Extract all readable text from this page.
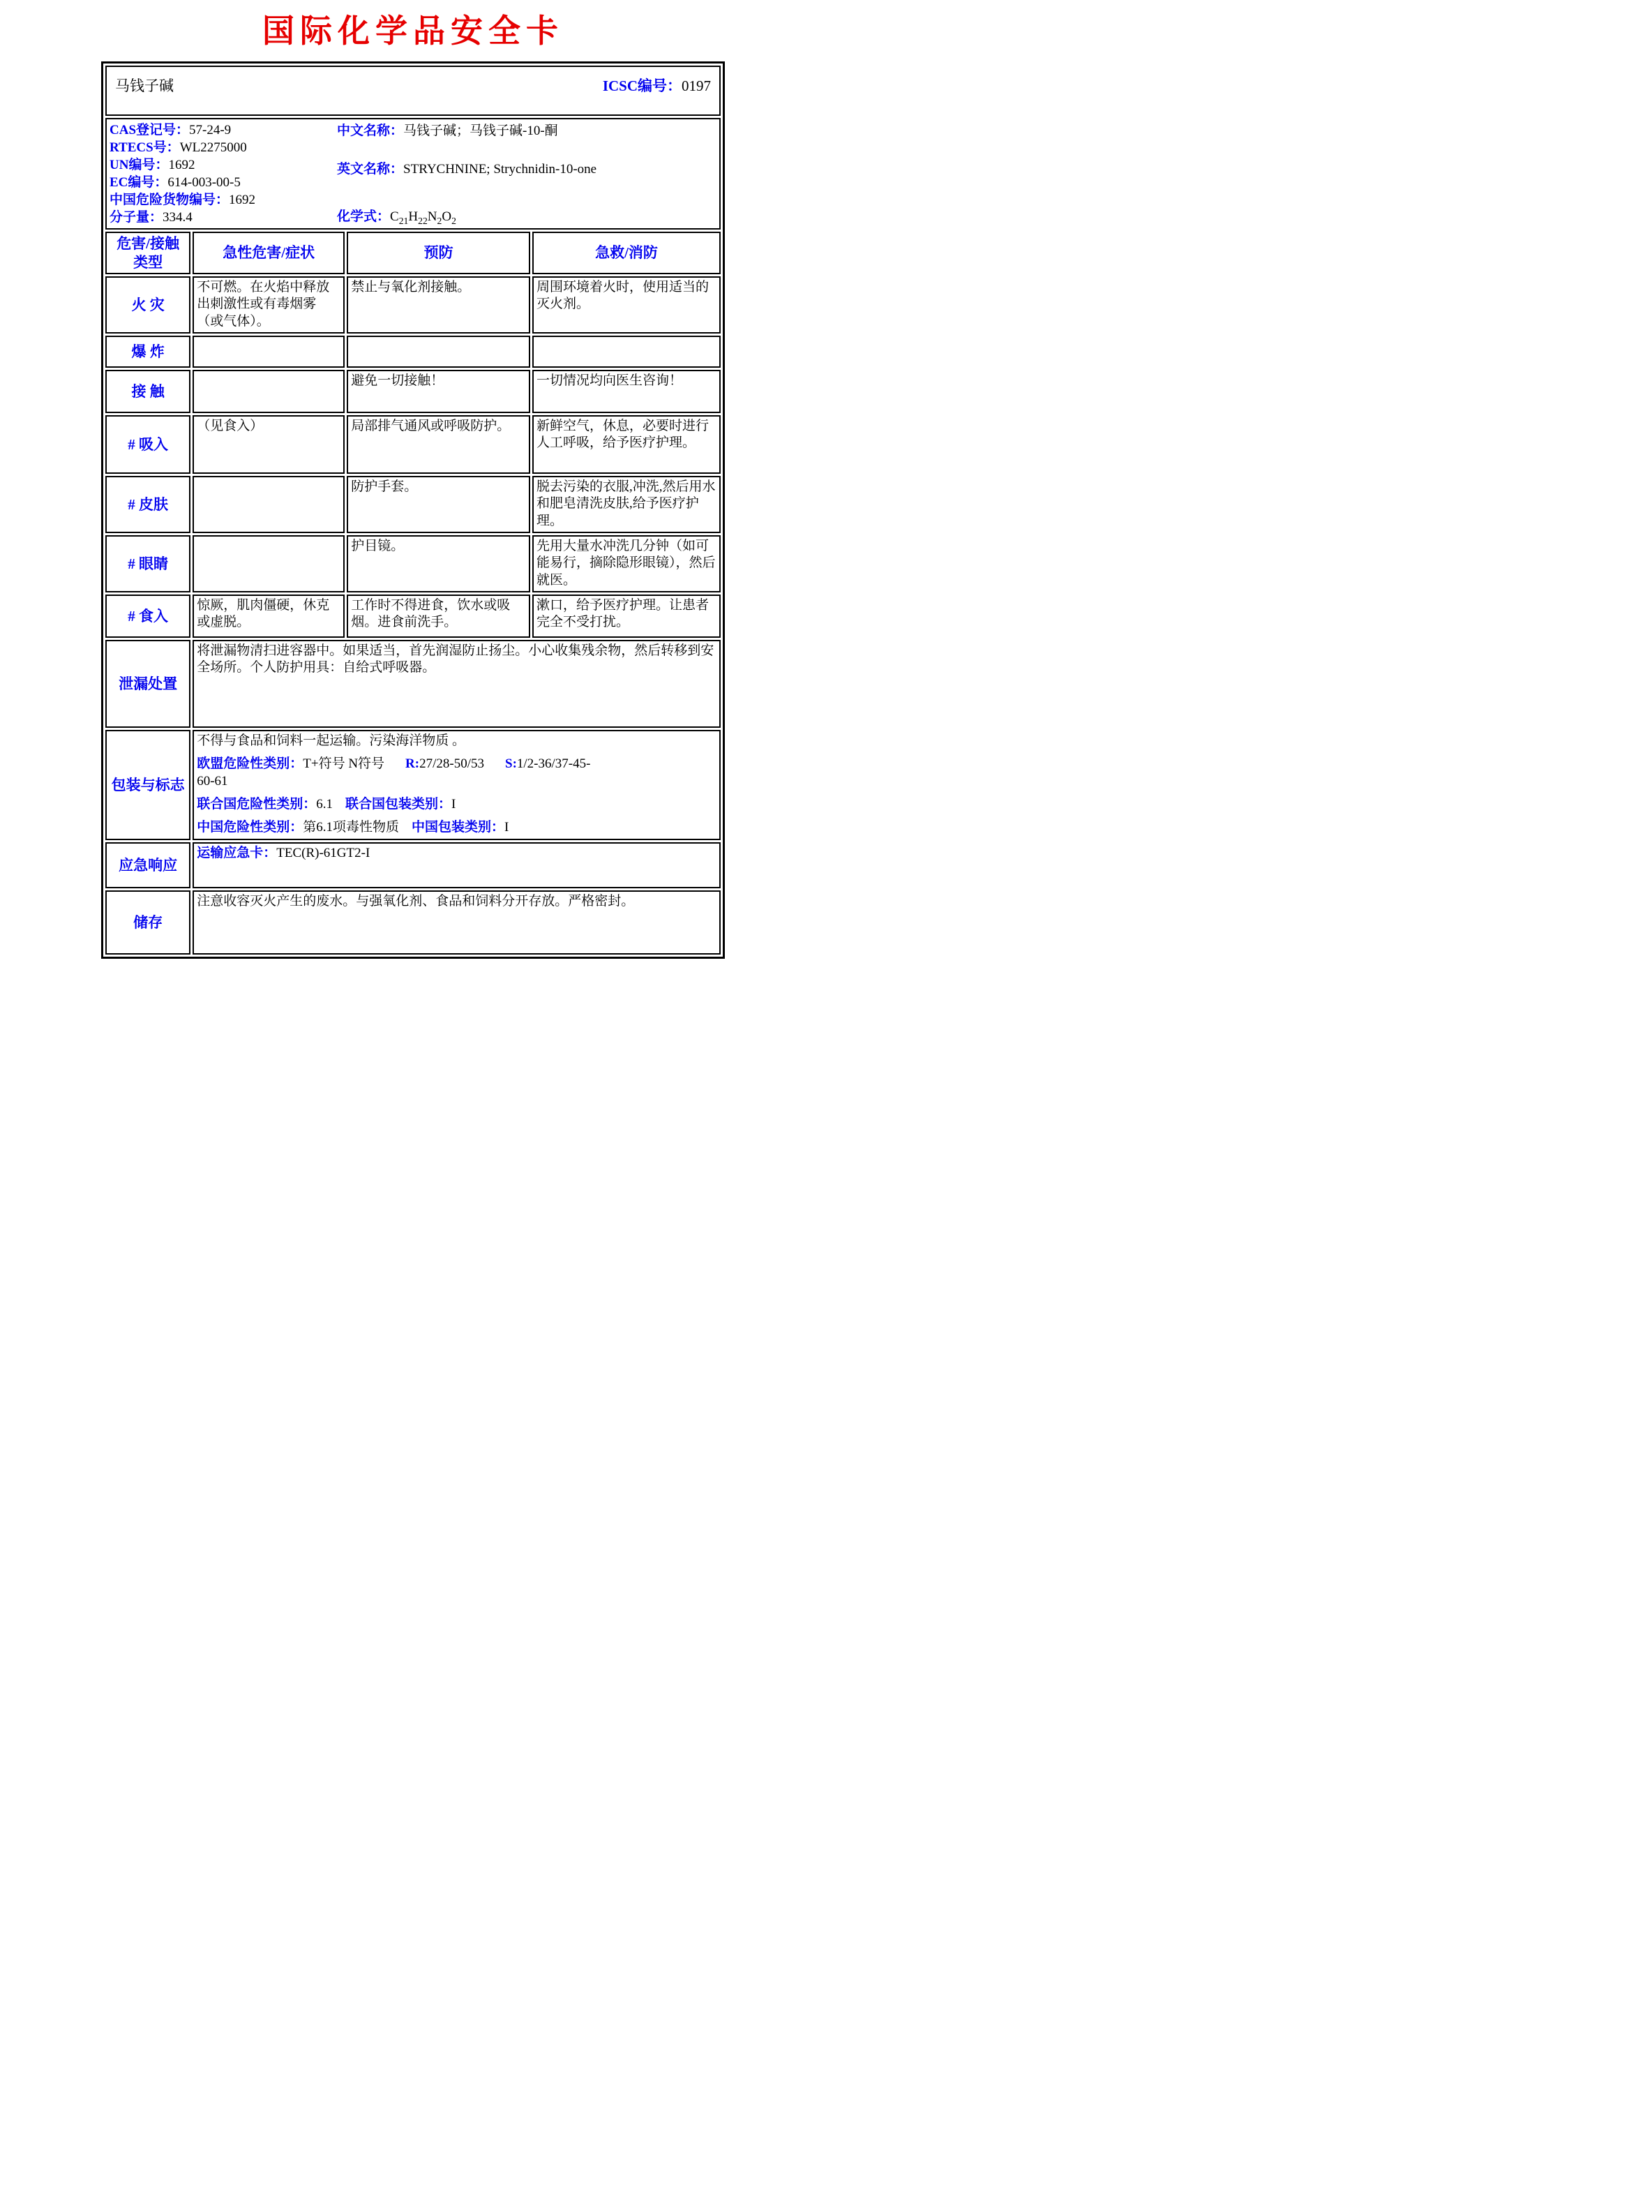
国际化学品安全卡
马钱子碱 ICSC编号：0197			

CAS登记号：57-24-9
RTECS号：WL2275000
UN编号：1692
EC编号：614-003-00-5
中国危险货物编号：1692
分子量：334.4
中文名称：马钱子碱；马钱子碱-10-酮
英文名称：STRYCHNINE; Strychnidin-10-one
化学式：$C_{21}H_{22}N_2O_2$

危害/接触
类型	急性危害/症状	预防	急救/消防
火 灾	不可燃。在火焰中释放出刺激性或有毒烟雾（或气体）。	禁止与氧化剂接触。	周围环境着火时，使用适当的灭火剂。
爆 炸			
接 触		避免一切接触！	一切情况均向医生咨询！
# 吸入	（见食入）	局部排气通风或呼吸防护。	新鲜空气，休息，必要时进行人工呼吸，给予医疗护理。
# 皮肤		防护手套。	脱去污染的衣服,冲洗,然后用水和肥皂清洗皮肤,给予医疗护理。
# 眼睛		护目镜。	先用大量水冲洗几分钟（如可能易行，摘除隐形眼镜），然后就医。
# 食入	惊厥，肌肉僵硬，休克或虚脱。	工作时不得进食，饮水或吸烟。进食前洗手。	漱口，给予医疗护理。让患者完全不受打扰。
泄漏处置	将泄漏物清扫进容器中。如果适当，首先润湿防止扬尘。小心收集残余物，然后转移到安全场所。个人防护用具：自给式呼吸器。		
包装与标志	不得与食品和饲料一起运输。污染海洋物质 。

欧盟危险性类别：T+符号 N符号 R:27/28-50/53 S:1/2-36/37-45-
60-61

联合国危险性类别：6.1 联合国包装类别：I

中国危险性类别：第6.1项毒性物质 中国包装类别：I		

应急响应	运输应急卡：TEC(R)-61GT2-I		
储存	注意收容灭火产生的废水。与强氧化剂、食品和饲料分开存放。严格密封。		
